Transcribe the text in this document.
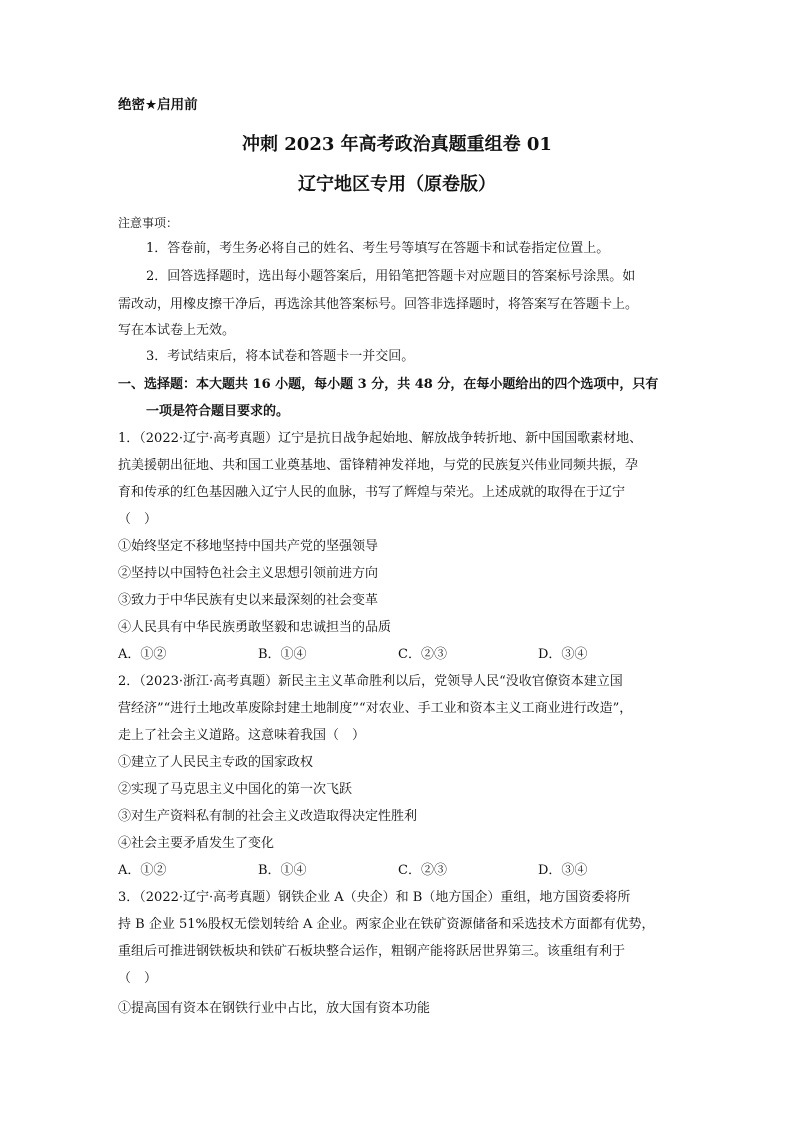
绝密★启用前
冲刺 2023 年高考政治真题重组卷 01
辽宁地区专用（原卷版）
注意事项：
1．答卷前，考生务必将自己的姓名、考生号等填写在答题卡和试卷指定位置上。
2．回答选择题时，选出每小题答案后，用铅笔把答题卡对应题目的答案标号涂黑。如
需改动，用橡皮擦干净后，再选涂其他答案标号。回答非选择题时，将答案写在答题卡上。
写在本试卷上无效。
3．考试结束后，将本试卷和答题卡一并交回。
一、选择题：本大题共 16 小题，每小题 3 分，共 48 分，在每小题给出的四个选项中，只有
一项是符合题目要求的。
1．（2022·辽宁·高考真题）辽宁是抗日战争起始地、解放战争转折地、新中国国歌素材地、
抗美援朝出征地、共和国工业奠基地、雷锋精神发祥地，与党的民族复兴伟业同频共振，孕
育和传承的红色基因融入辽宁人民的血脉，书写了辉煌与荣光。上述成就的取得在于辽宁
（　）
①始终坚定不移地坚持中国共产党的坚强领导
②坚持以中国特色社会主义思想引领前进方向
③致力于中华民族有史以来最深刻的社会变革
④人民具有中华民族勇敢坚毅和忠诚担当的品质
A．①②	B．①④	C．②③	D．③④
2．（2023·浙江·高考真题）新民主主义革命胜利以后，党领导人民“没收官僚资本建立国
营经济”“进行土地改革废除封建土地制度”“对农业、手工业和资本主义工商业进行改造”，
走上了社会主义道路。这意味着我国（　）
①建立了人民民主专政的国家政权
②实现了马克思主义中国化的第一次飞跃
③对生产资料私有制的社会主义改造取得决定性胜利
④社会主要矛盾发生了变化
A．①②	B．①④	C．②③	D．③④
3．（2022·辽宁·高考真题）钢铁企业 A（央企）和 B（地方国企）重组，地方国资委将所
持 B 企业 51%股权无偿划转给 A 企业。两家企业在铁矿资源储备和采选技术方面都有优势，
重组后可推进钢铁板块和铁矿石板块整合运作，粗钢产能将跃居世界第三。该重组有利于
（　）
①提高国有资本在钢铁行业中占比，放大国有资本功能
